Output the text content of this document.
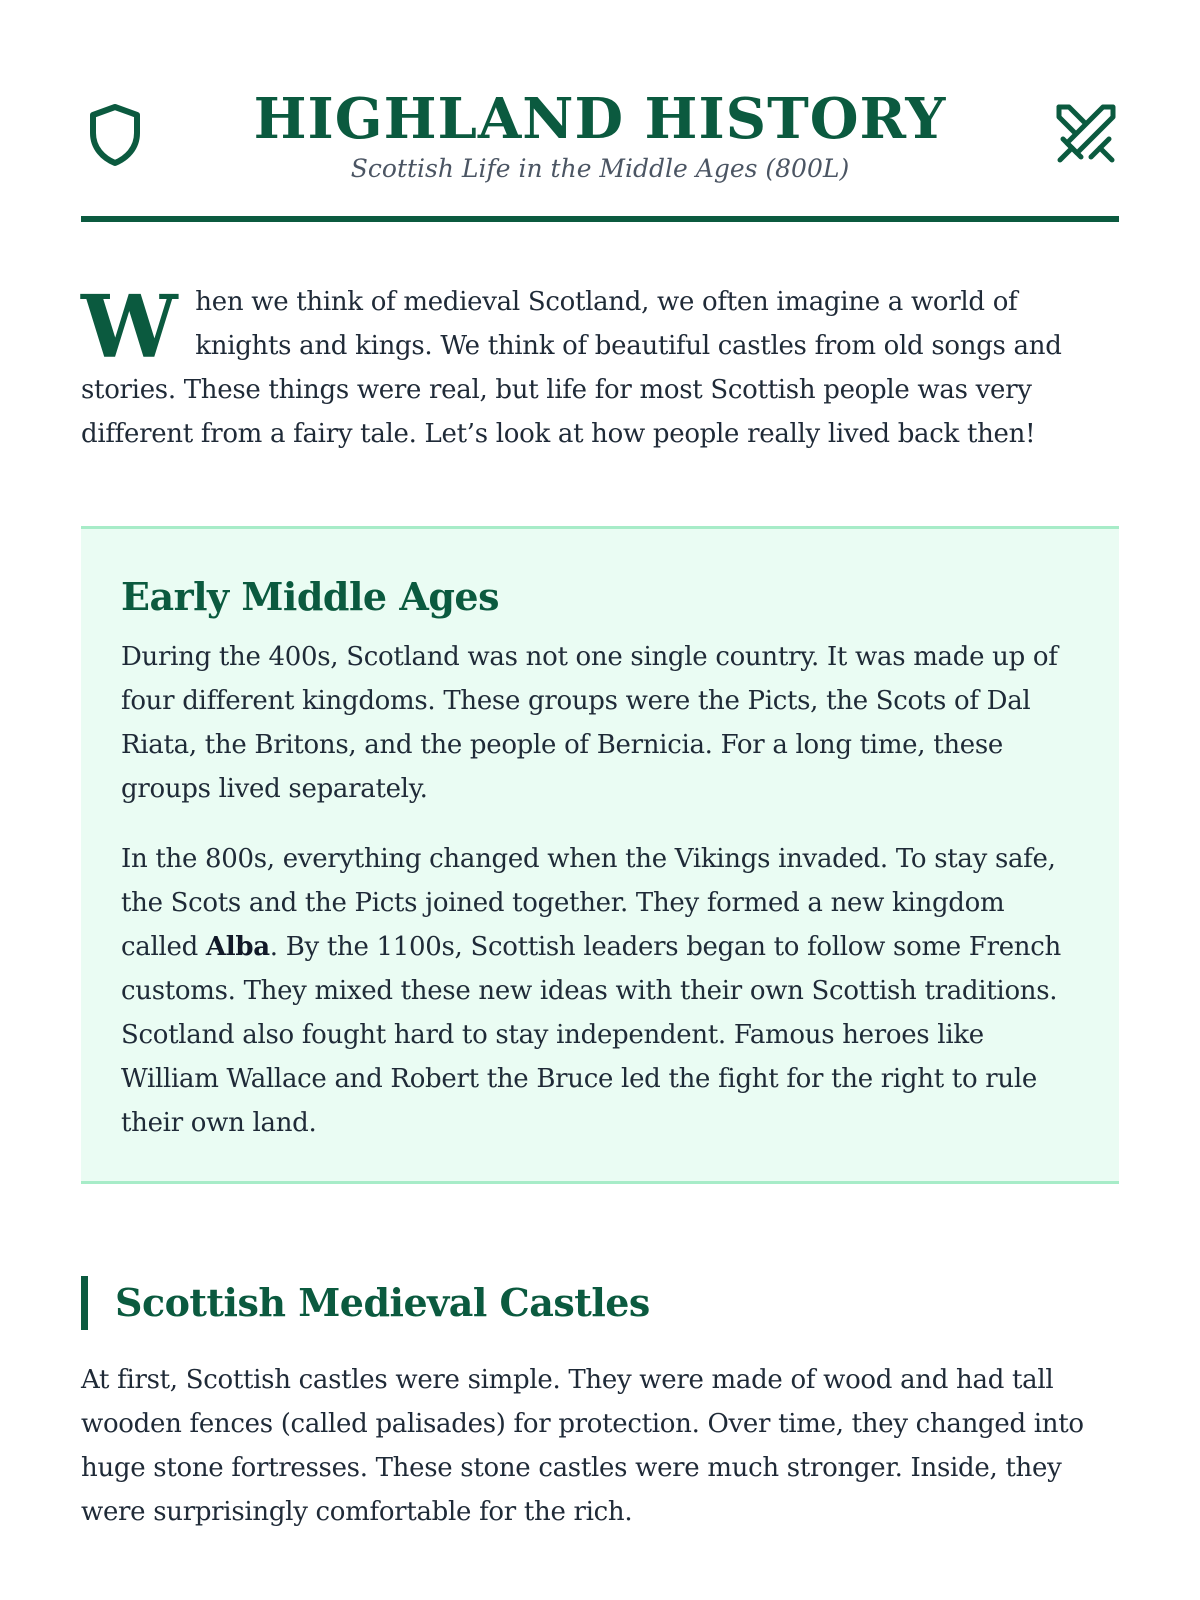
HIGHLAND HISTORY
Scottish Life in the Middle Ages (800L)

When we think of medieval Scotland, we often imagine a world of knights and kings. We think of beautiful castles from old songs and stories. These things were real, but life for most Scottish people was very different from a fairy tale. Let’s look at how people really lived back then!

Early Middle Ages

During the 400s, Scotland was not one single country. It was made up of four different kingdoms. These groups were the Picts, the Scots of Dal Riata, the Britons, and the people of Bernicia. For a long time, these groups lived separately.

In the 800s, everything changed when the Vikings invaded. To stay safe, the Scots and the Picts joined together. They formed a new kingdom called Alba. By the 1100s, Scottish leaders began to follow some French customs. They mixed these new ideas with their own Scottish traditions. Scotland also fought hard to stay independent. Famous heroes like William Wallace and Robert the Bruce led the fight for the right to rule their own land.

Scottish Medieval Castles

At first, Scottish castles were simple. They were made of wood and had tall wooden fences (called palisades) for protection. Over time, they changed into huge stone fortresses. These stone castles were much stronger. Inside, they were surprisingly comfortable for the rich.
